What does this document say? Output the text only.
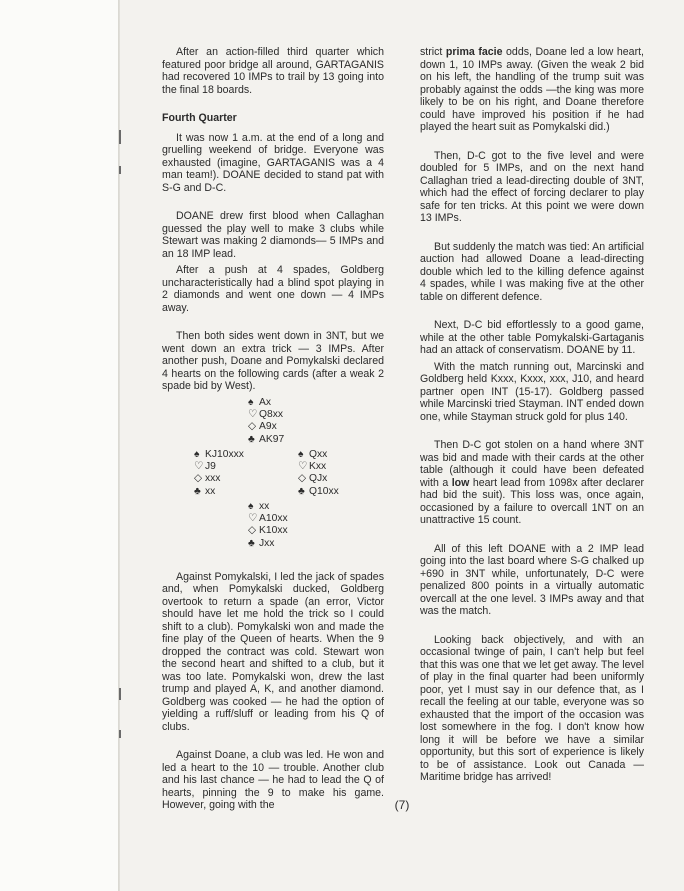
After an action-filled third quarter which featured poor bridge all around, GARTAGANIS had recovered 10 IMPs to trail by 13 going into the final 18 boards.

Fourth Quarter

It was now 1 a.m. at the end of a long and gruelling weekend of bridge. Everyone was exhausted (imagine, GARTAGANIS was a 4 man team!). DOANE decided to stand pat with S-G and D-C.

DOANE drew first blood when Callaghan guessed the play well to make 3 clubs while Stewart was making 2 diamonds— 5 IMPs and an 18 IMP lead.

After a push at 4 spades, Goldberg uncharacteristically had a blind spot playing in 2 diamonds and went one down — 4 IMPs away.

Then both sides went down in 3NT, but we went down an extra trick — 3 IMPs. After another push, Doane and Pomykalski declared 4 hearts on the following cards (after a weak 2 spade bid by West).

♠ Ax
♡ Q8xx
◇ A9x
♣ AK97
♠ KJ10xxx
♡ J9
◇ xxx
♣ xx
♠ Qxx
♡ Kxx
◇ QJx
♣ Q10xx
♠ xx
♡ A10xx
◇ K10xx
♣ Jxx

Against Pomykalski, I led the jack of spades and, when Pomykalski ducked, Goldberg overtook to return a spade (an error, Victor should have let me hold the trick so I could shift to a club). Pomykalski won and made the fine play of the Queen of hearts. When the 9 dropped the contract was cold. Stewart won the second heart and shifted to a club, but it was too late. Pomykalski won, drew the last trump and played A, K, and another diamond. Goldberg was cooked — he had the option of yielding a ruff/sluff or leading from his Q of clubs.

Against Doane, a club was led. He won and led a heart to the 10 — trouble. Another club and his last chance — he had to lead the Q of hearts, pinning the 9 to make his game. However, going with the

strict prima facie odds, Doane led a low heart, down 1, 10 IMPs away. (Given the weak 2 bid on his left, the handling of the trump suit was probably against the odds —the king was more likely to be on his right, and Doane therefore could have improved his position if he had played the heart suit as Pomykalski did.)

Then, D-C got to the five level and were doubled for 5 IMPs, and on the next hand Callaghan tried a lead-directing double of 3NT, which had the effect of forcing declarer to play safe for ten tricks. At this point we were down 13 IMPs.

But suddenly the match was tied: An artificial auction had allowed Doane a lead-directing double which led to the killing defence against 4 spades, while I was making five at the other table on different defence.

Next, D-C bid effortlessly to a good game, while at the other table Pomykalski-Gartaganis had an attack of conservatism. DOANE by 11.

With the match running out, Marcinski and Goldberg held Kxxx, Kxxx, xxx, J10, and heard partner open INT (15-17). Goldberg passed while Marcinski tried Stayman. INT ended down one, while Stayman struck gold for plus 140.

Then D-C got stolen on a hand where 3NT was bid and made with their cards at the other table (although it could have been defeated with a low heart lead from 1098x after declarer had bid the suit). This loss was, once again, occasioned by a failure to overcall 1NT on an unattractive 15 count.

All of this left DOANE with a 2 IMP lead going into the last board where S-G chalked up +690 in 3NT while, unfortunately, D-C were penalized 800 points in a virtually automatic overcall at the one level. 3 IMPs away and that was the match.

Looking back objectively, and with an occasional twinge of pain, I can't help but feel that this was one that we let get away. The level of play in the final quarter had been uniformly poor, yet I must say in our defence that, as I recall the feeling at our table, everyone was so exhausted that the import of the occasion was lost somewhere in the fog. I don't know how long it will be before we have a similar opportunity, but this sort of experience is likely to be of assistance. Look out Canada — Maritime bridge has arrived!

(7)
